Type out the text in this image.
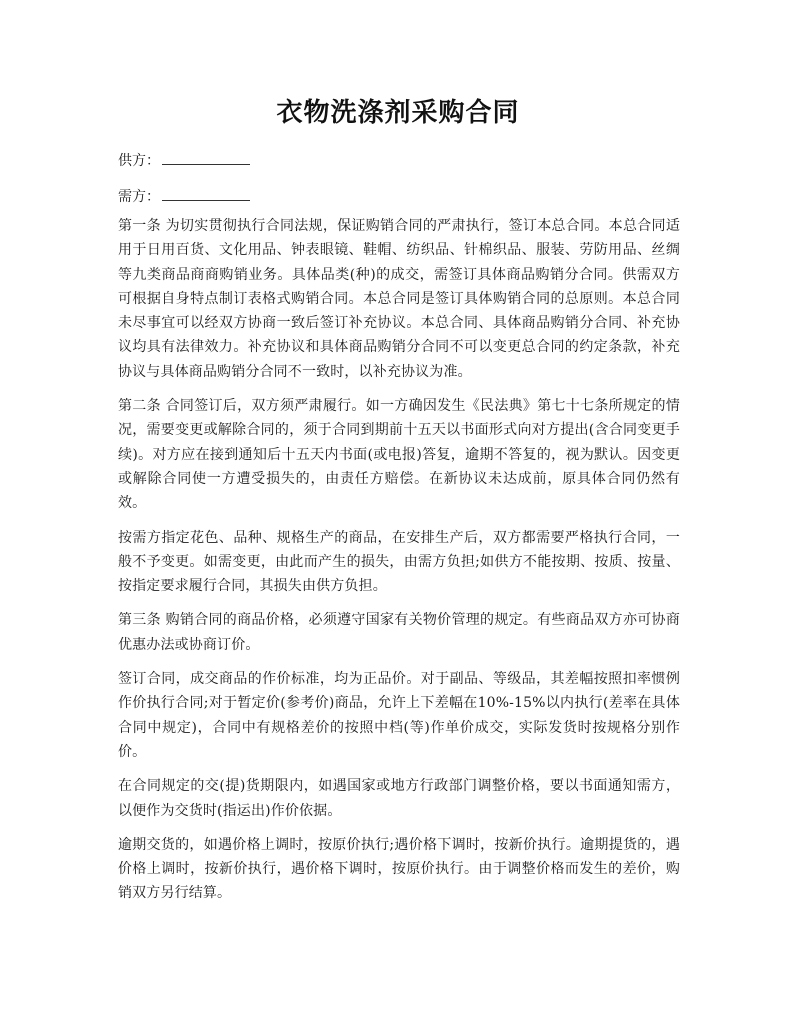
衣物洗涤剂采购合同
供方：
需方：

第一条 为切实贯彻执行合同法规，保证购销合同的严肃执行，签订本总合同。本总合同适用于日用百货、文化用品、钟表眼镜、鞋帽、纺织品、针棉织品、服装、劳防用品、丝绸等九类商品商商购销业务。具体品类(种)的成交，需签订具体商品购销分合同。供需双方可根据自身特点制订表格式购销合同。本总合同是签订具体购销合同的总原则。本总合同未尽事宜可以经双方协商一致后签订补充协议。本总合同、具体商品购销分合同、补充协议均具有法律效力。补充协议和具体商品购销分合同不可以变更总合同的约定条款，补充协议与具体商品购销分合同不一致时，以补充协议为准。

第二条 合同签订后，双方须严肃履行。如一方确因发生《民法典》第七十七条所规定的情况，需要变更或解除合同的，须于合同到期前十五天以书面形式向对方提出(含合同变更手续)。对方应在接到通知后十五天内书面(或电报)答复，逾期不答复的，视为默认。因变更或解除合同使一方遭受损失的，由责任方赔偿。在新协议未达成前，原具体合同仍然有效。

按需方指定花色、品种、规格生产的商品，在安排生产后，双方都需要严格执行合同，一般不予变更。如需变更，由此而产生的损失，由需方负担;如供方不能按期、按质、按量、按指定要求履行合同，其损失由供方负担。

第三条 购销合同的商品价格，必须遵守国家有关物价管理的规定。有些商品双方亦可协商优惠办法或协商订价。

签订合同，成交商品的作价标准，均为正品价。对于副品、等级品，其差幅按照扣率惯例作价执行合同;对于暂定价(参考价)商品，允许上下差幅在10%-15%以内执行(差率在具体合同中规定)，合同中有规格差价的按照中档(等)作单价成交，实际发货时按规格分别作价。

在合同规定的交(提)货期限内，如遇国家或地方行政部门调整价格，要以书面通知需方，以便作为交货时(指运出)作价依据。

逾期交货的，如遇价格上调时，按原价执行;遇价格下调时，按新价执行。逾期提货的，遇价格上调时，按新价执行，遇价格下调时，按原价执行。由于调整价格而发生的差价，购销双方另行结算。
